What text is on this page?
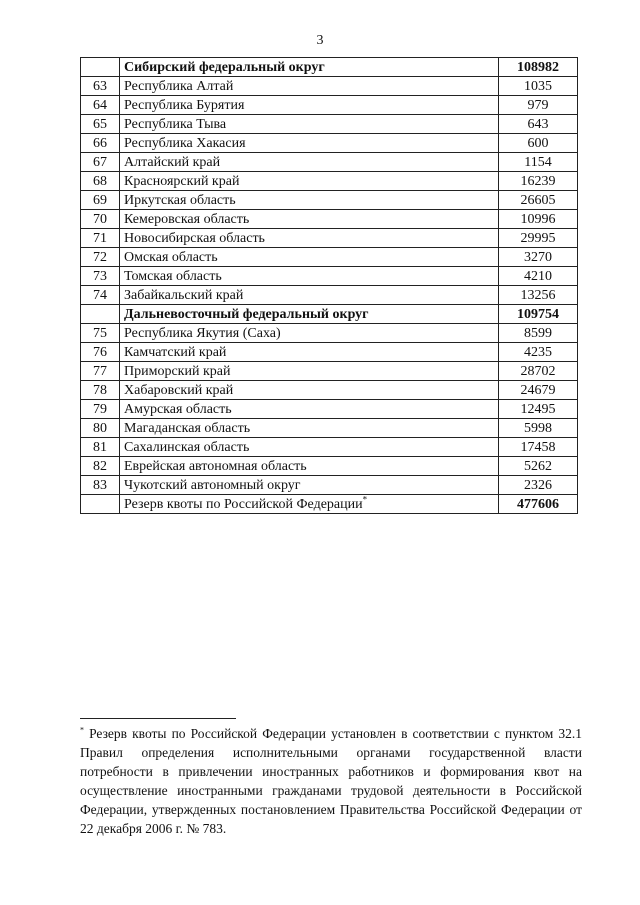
3
	Сибирский федеральный округ	108982
63	Республика Алтай	1035
64	Республика Бурятия	979
65	Республика Тыва	643
66	Республика Хакасия	600
67	Алтайский край	1154
68	Красноярский край	16239
69	Иркутская область	26605
70	Кемеровская область	10996
71	Новосибирская область	29995
72	Омская область	3270
73	Томская область	4210
74	Забайкальский край	13256
	Дальневосточный федеральный округ	109754
75	Республика Якутия (Саха)	8599
76	Камчатский край	4235
77	Приморский край	28702
78	Хабаровский край	24679
79	Амурская область	12495
80	Магаданская область	5998
81	Сахалинская область	17458
82	Еврейская автономная область	5262
83	Чукотский автономный округ	2326
	Резерв квоты по Российской Федерации*	477606
* Резерв квоты по Российской Федерации установлен в соответствии с пунктом 32.1 Правил определения исполнительными органами государственной власти потребности в привлечении иностранных работников и формирования квот на осуществление иностранными гражданами трудовой деятельности в Российской Федерации, утвержденных постановлением Правительства Российской Федерации от 22 декабря 2006 г. № 783.
